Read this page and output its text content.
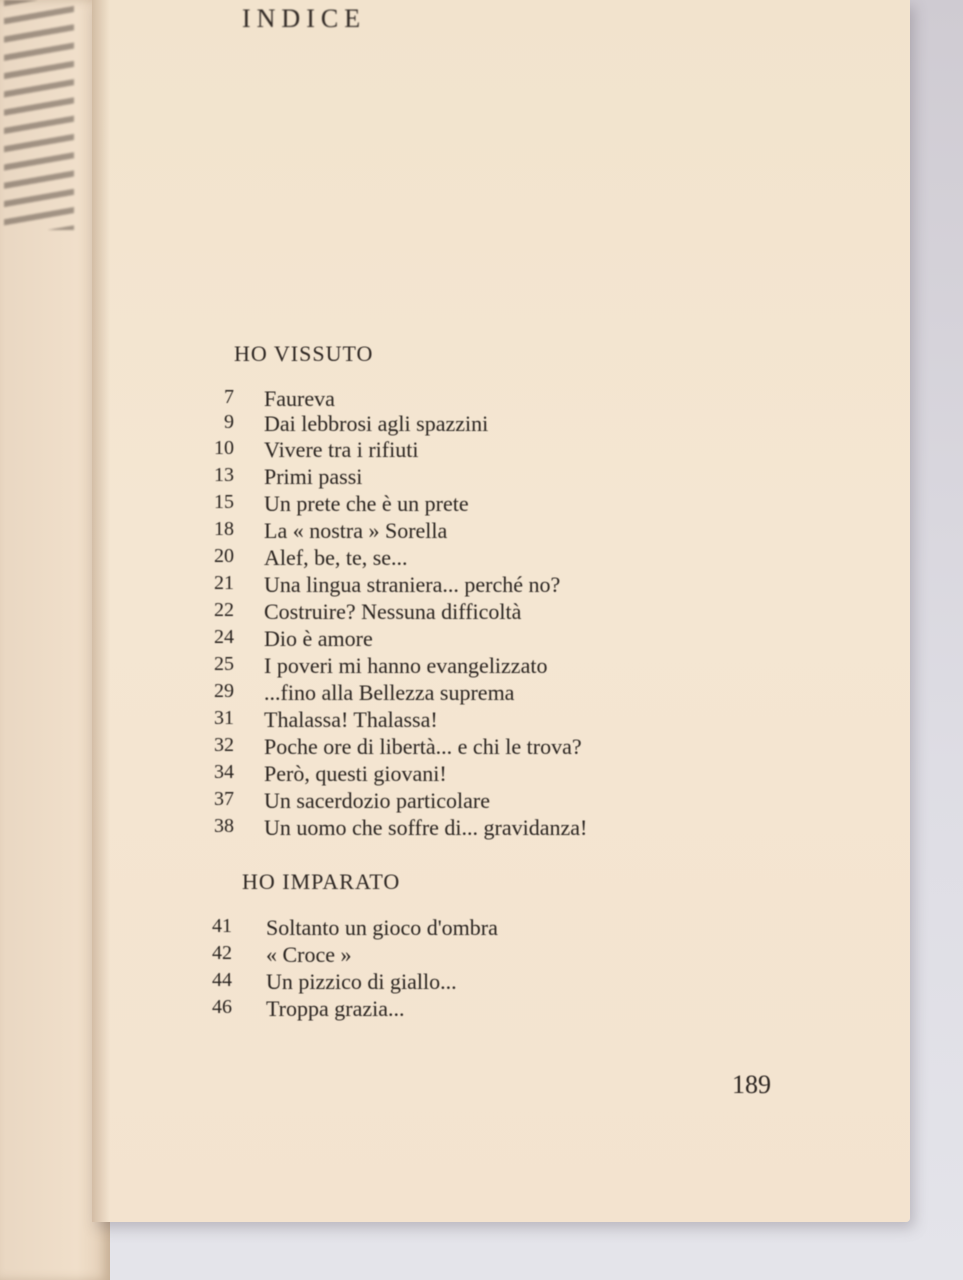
INDICE
HO VISSUTO
7 Faureva
9 Dai lebbrosi agli spazzini
10 Vivere tra i rifiuti
13 Primi passi
15 Un prete che è un prete
18 La « nostra » Sorella
20 Alef, be, te, se...
21 Una lingua straniera... perché no?
22 Costruire? Nessuna difficoltà
24 Dio è amore
25 I poveri mi hanno evangelizzato
29 ...fino alla Bellezza suprema
31 Thalassa! Thalassa!
32 Poche ore di libertà... e chi le trova?
34 Però, questi giovani!
37 Un sacerdozio particolare
38 Un uomo che soffre di... gravidanza!
HO IMPARATO
41 Soltanto un gioco d'ombra
42 « Croce »
44 Un pizzico di giallo...
46 Troppa grazia...
189
